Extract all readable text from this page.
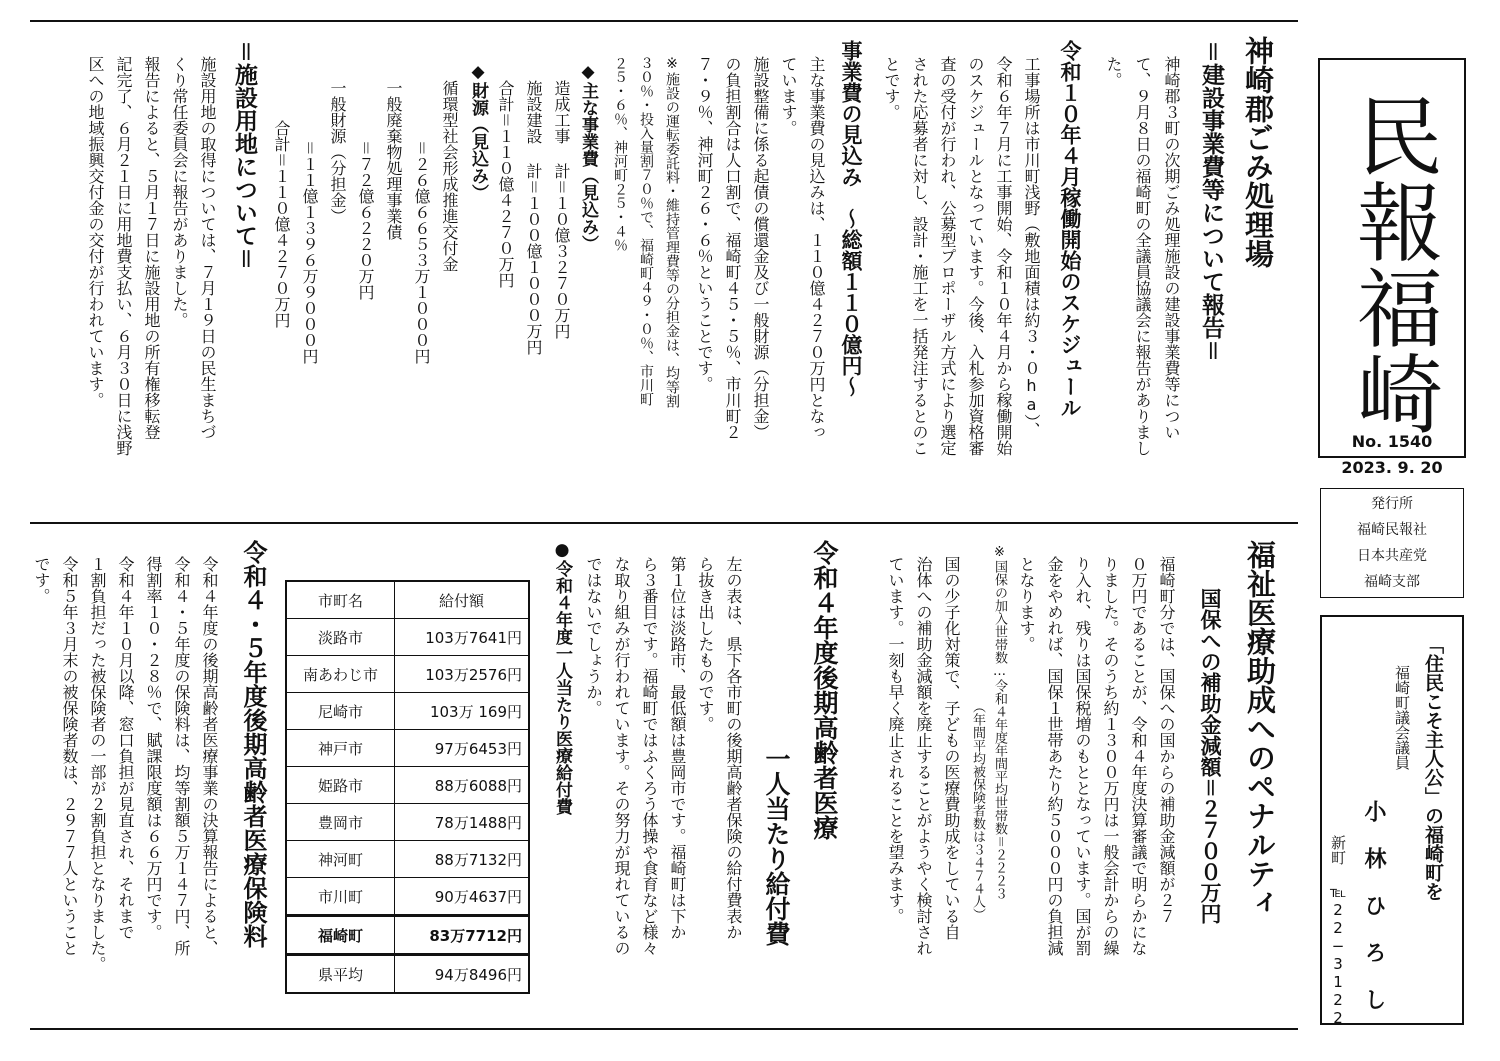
民報福崎
No. 1540
2023. 9. 20
発行所
福崎民報社
日本共産党
福崎支部

「住民こそ主人公」の福崎町を

福崎町議会議員

小 林 ひ ろ し

新町 ℡22−3122

神崎郡ごみ処理場

＝建設事業費等について報告＝

神崎郡３町の次期ごみ処理施設の建設事業費等につい

て、９月８日の福崎町の全議員協議会に報告がありまし

た。

令和１０年４月稼働開始のスケジュール

工事場所は市川町浅野（敷地面積は約３・０ha）、

令和６年７月に工事開始、令和１０年４月から稼働開始

のスケジュールとなっています。今後、入札参加資格審

査の受付が行われ、公募型プロポーザル方式により選定

された応募者に対し、設計・施工を一括発注するとのこ

とです。

事業費の見込み　～総額１１０億円～

主な事業費の見込みは、１１０億４２７０万円となっ

ています。

施設整備に係る起債の償還金及び一般財源（分担金）

の負担割合は人口割で、福崎町４５・５％、市川町２

７・９％、神河町２６・６％ということです。

※施設の運転委託料・維持管理費等の分担金は、均等割

３０％・投入量割７０％で、福崎町４９・０％、市川町

２５・６％、神河町２５・４％

◆主な事業費（見込み）

造成工事 計＝１０億３２７０万円

施設建設 計＝１００億１０００万円

合計＝１１０億４２７０万円

◆財源（見込み）

循環型社会形成推進交付金

＝２６億６６５３万１０００円

一般廃棄物処理事業債

＝７２億６２２０万円

一般財源（分担金）

＝１１億１３９６万９０００円

合計＝１１０億４２７０万円

＝施設用地について＝

施設用地の取得については、７月１９日の民生まちづ

くり常任委員会に報告がありました。

報告によると、５月１７日に施設用地の所有権移転登

記完了、６月２１日に用地費支払い、６月３０日に浅野

区への地域振興交付金の交付が行われています。

福祉医療助成へのペナルティ

国保への補助金減額＝２７００万円

福崎町分では、国保への国からの補助金減額が２７

０万円であることが、令和４年度決算審議で明らかにな

りました。そのうち約１３００万円は一般会計からの繰

り入れ、残りは国保税増のもととなっています。国が罰

金をやめれば、国保１世帯あたり約５０００円の負担減

となります。

※国保の加入世帯数…令和４年度年間平均世帯数＝２２２３

（年間平均被保険者数は３４７４人）

国の少子化対策で、子どもの医療費助成をしている自

治体への補助金減額を廃止することがようやく検討され

ています。一刻も早く廃止されることを望みます。

令和４年度後期高齢者医療

一人当たり給付費

左の表は、県下各市町の後期高齢者保険の給付費表か

ら抜き出したものです。

第１位は淡路市、最低額は豊岡市です。福崎町は下か

ら３番目です。福崎町ではふくろう体操や食育など様々

な取り組みが行われています。その努力が現れているの

ではないでしょうか。

●令和４年度一人当たり医療給付費

市町名	給付額
淡路市	103万7641円
南あわじ市	103万2576円
尼崎市	103万 169円
神戸市	97万6453円
姫路市	88万6088円
豊岡市	78万1488円
神河町	88万7132円
市川町	90万4637円
福崎町	83万7712円
県平均	94万8496円

令和４・５年度後期高齢者医療保険料

令和４年度の後期高齢者医療事業の決算報告によると、

令和４・５年度の保険料は、均等割額５万１４７円、所

得割率１０・２８％で、賦課限度額は６６万円です。

令和４年１０月以降、窓口負担が見直され、それまで

１割負担だった被保険者の一部が２割負担となりました。

令和５年３月末の被保険者数は、２９７７人ということ

です。
